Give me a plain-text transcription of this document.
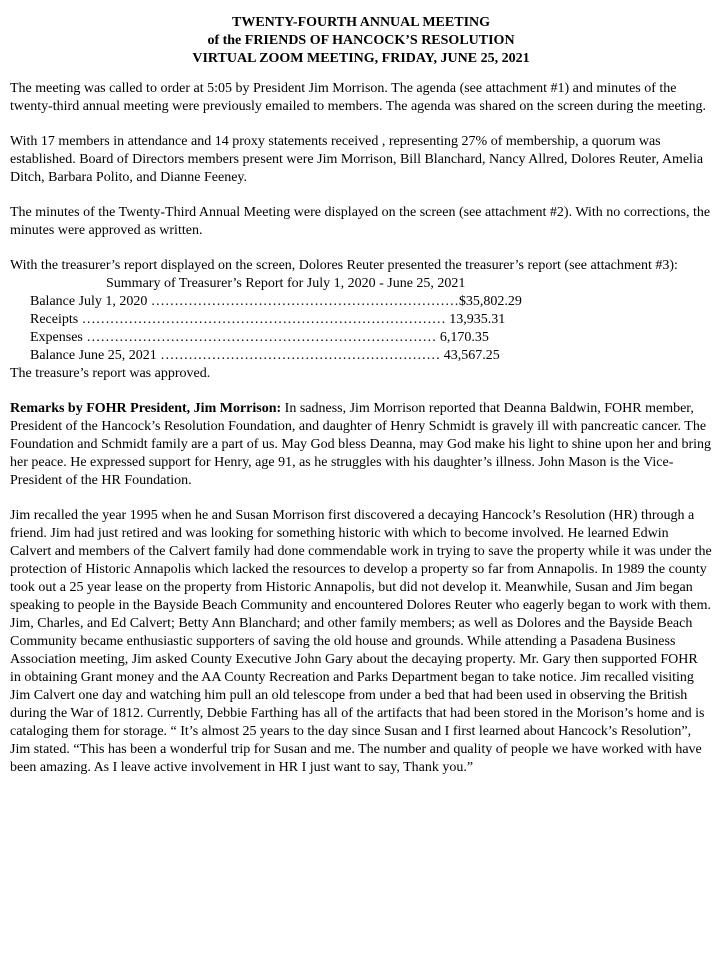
TWENTY-FOURTH ANNUAL MEETING
of the FRIENDS OF HANCOCK’S RESOLUTION
VIRTUAL ZOOM MEETING, FRIDAY, JUNE 25, 2021

The meeting was called to order at 5:05 by President Jim Morrison. The agenda (see attachment #1) and minutes of the twenty-third annual meeting were previously emailed to members. The agenda was shared on the screen during the meeting.

With 17 members in attendance and 14 proxy statements received , representing 27% of membership, a quorum was established. Board of Directors members present were Jim Morrison, Bill Blanchard, Nancy Allred, Dolores Reuter, Amelia Ditch, Barbara Polito, and Dianne Feeney.

The minutes of the Twenty-Third Annual Meeting were displayed on the screen (see attachment #2). With no corrections, the minutes were approved as written.

With the treasurer’s report displayed on the screen, Dolores Reuter presented the treasurer’s report (see attachment #3):

Summary of Treasurer’s Report for July 1, 2020 - June 25, 2021
Balance July 1, 2020 …………………………………………………………$35,802.29
Receipts …………………………………………………………………… 13,935.31
Expenses ………………………………………………………………… 6,170.35
Balance June 25, 2021 …………………………………………………… 43,567.25

The treasure’s report was approved.

Remarks by FOHR President, Jim Morrison: In sadness, Jim Morrison reported that Deanna Baldwin, FOHR member, President of the Hancock’s Resolution Foundation, and daughter of Henry Schmidt is gravely ill with pancreatic cancer. The Foundation and Schmidt family are a part of us. May God bless Deanna, may God make his light to shine upon her and bring her peace. He expressed support for Henry, age 91, as he struggles with his daughter’s illness. John Mason is the Vice-President of the HR Foundation.

Jim recalled the year 1995 when he and Susan Morrison first discovered a decaying Hancock’s Resolution (HR) through a friend. Jim had just retired and was looking for something historic with which to become involved. He learned Edwin Calvert and members of the Calvert family had done commendable work in trying to save the property while it was under the protection of Historic Annapolis which lacked the resources to develop a property so far from Annapolis. In 1989 the county took out a 25 year lease on the property from Historic Annapolis, but did not develop it. Meanwhile, Susan and Jim began speaking to people in the Bayside Beach Community and encountered Dolores Reuter who eagerly began to work with them. Jim, Charles, and Ed Calvert; Betty Ann Blanchard; and other family members; as well as Dolores and the Bayside Beach Community became enthusiastic supporters of saving the old house and grounds. While attending a Pasadena Business Association meeting, Jim asked County Executive John Gary about the decaying property. Mr. Gary then supported FOHR in obtaining Grant money and the AA County Recreation and Parks Department began to take notice. Jim recalled visiting Jim Calvert one day and watching him pull an old telescope from under a bed that had been used in observing the British during the War of 1812. Currently, Debbie Farthing has all of the artifacts that had been stored in the Morison’s home and is cataloging them for storage. “ It’s almost 25 years to the day since Susan and I first learned about Hancock’s Resolution”, Jim stated. “This has been a wonderful trip for Susan and me. The number and quality of people we have worked with have been amazing. As I leave active involvement in HR I just want to say, Thank you.”
